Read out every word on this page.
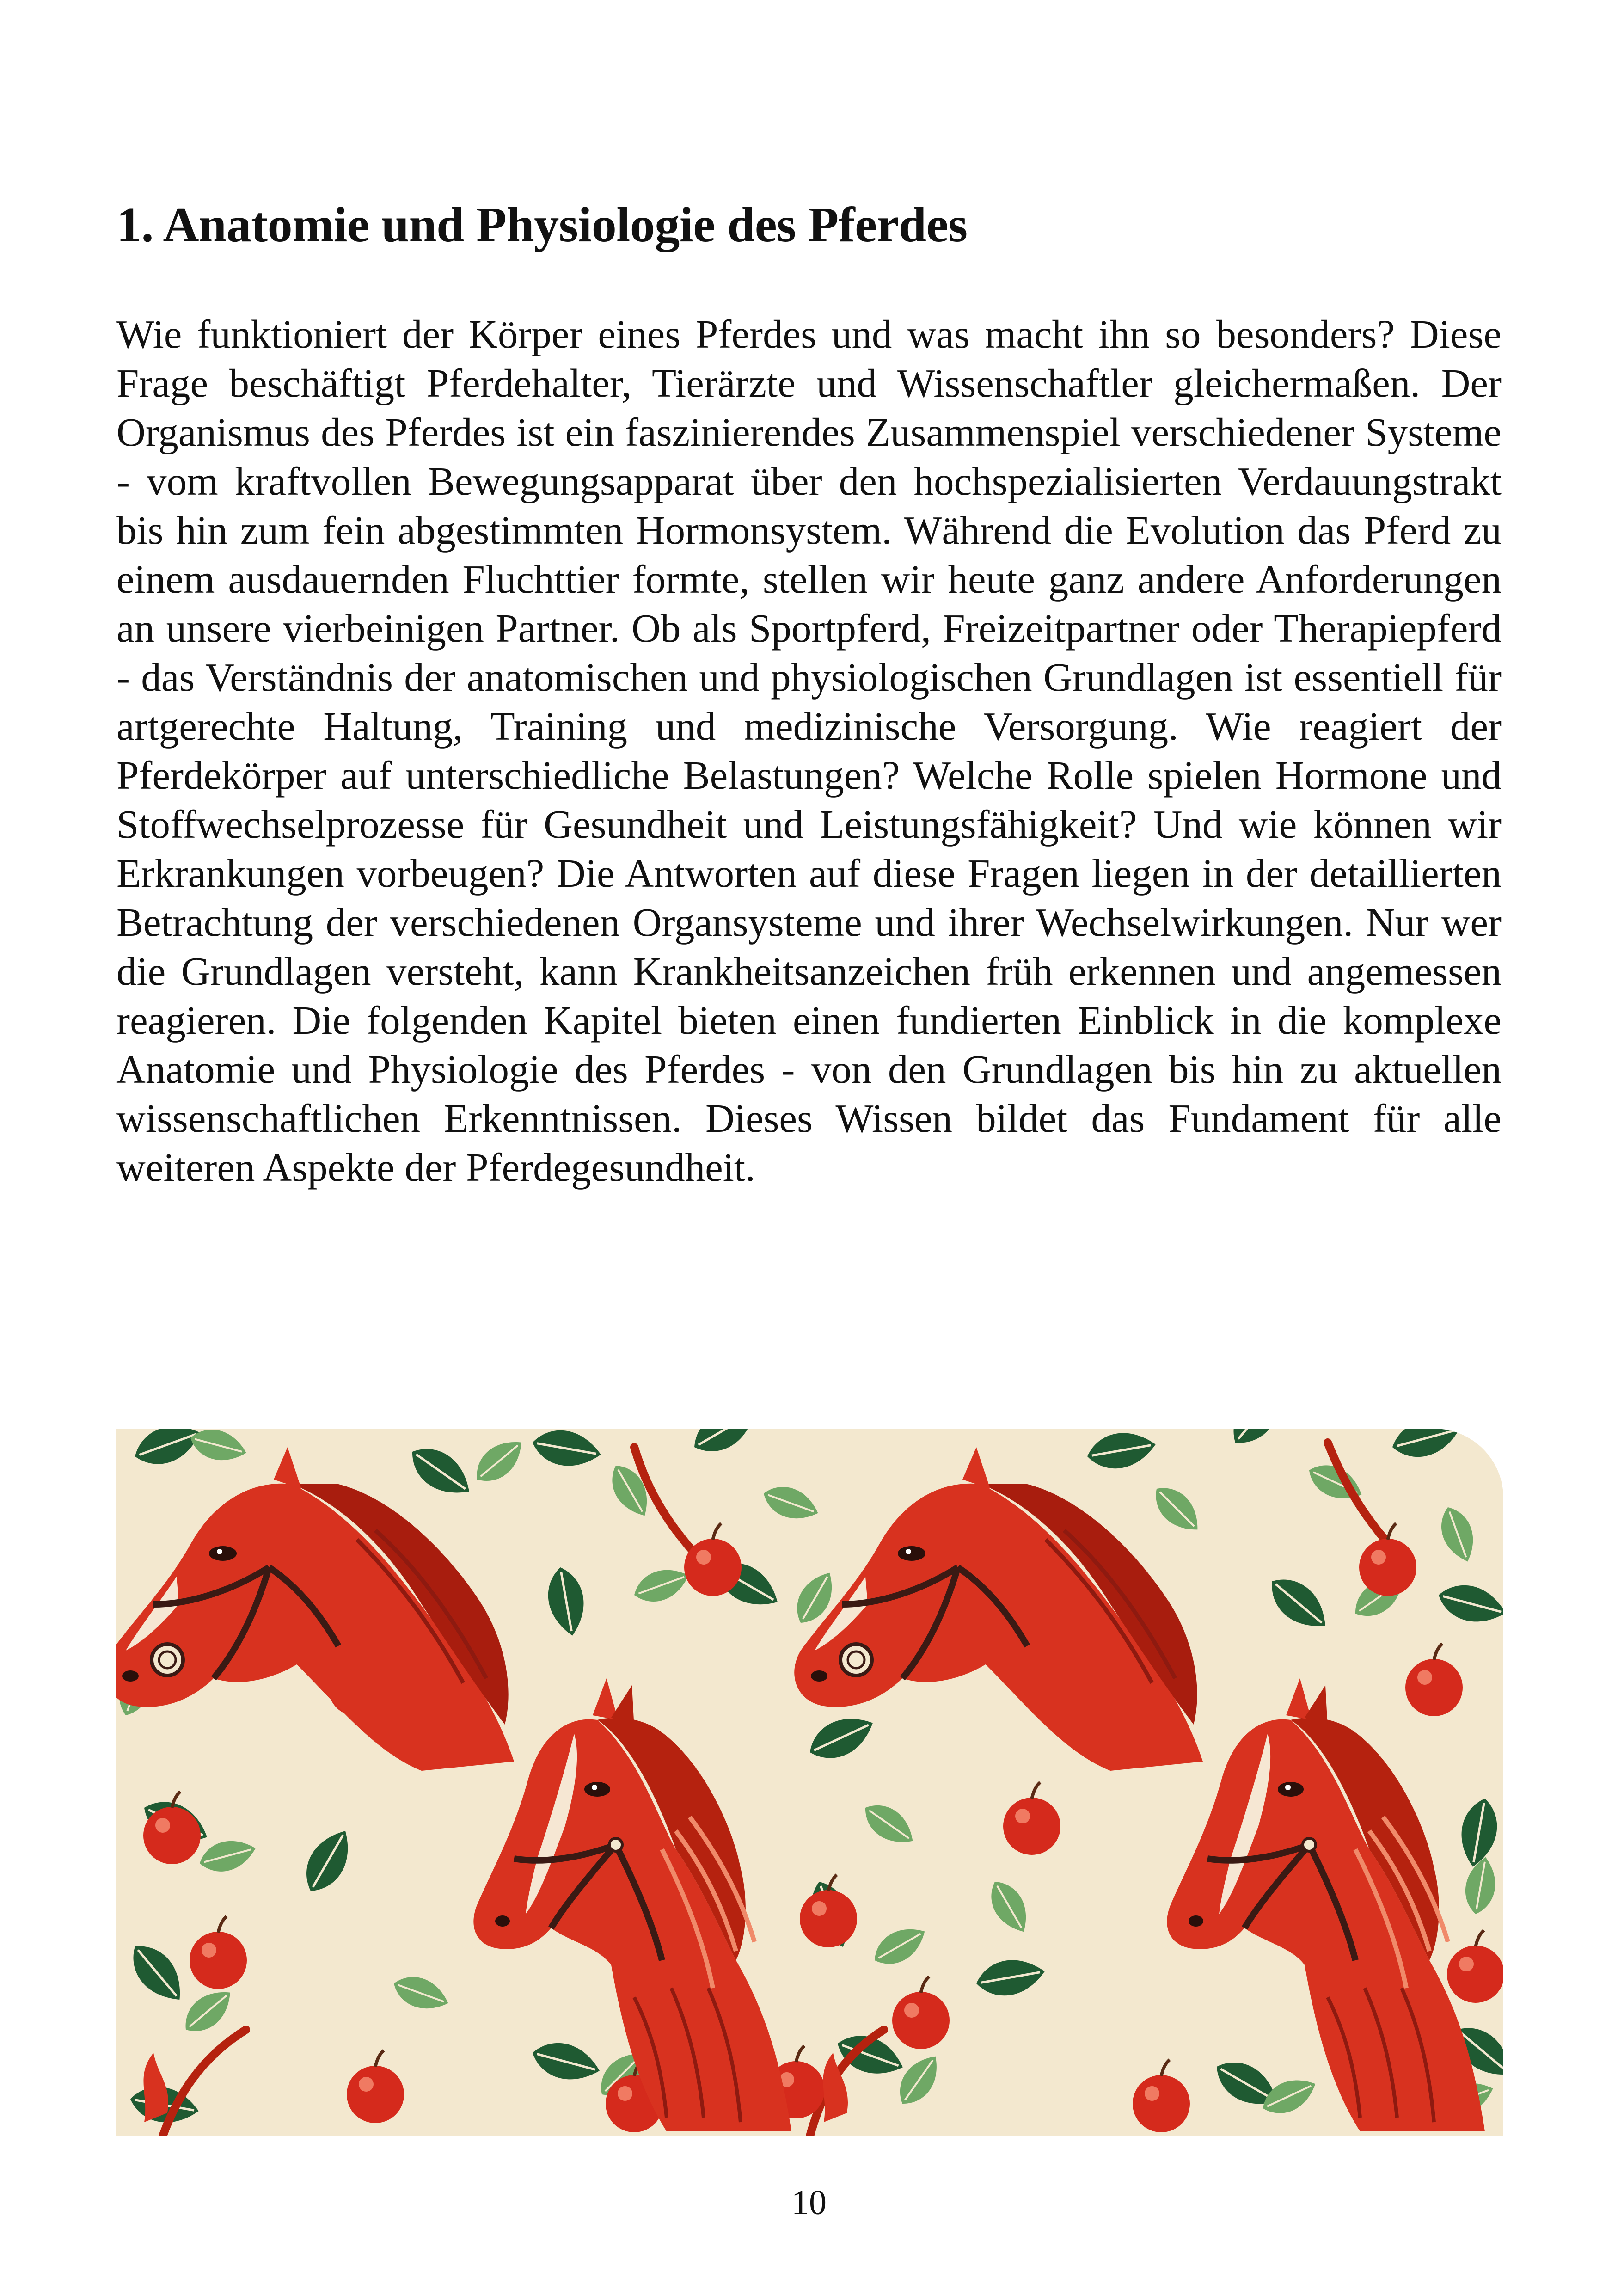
1. Anatomie und Physiologie des Pferdes

Wie funktioniert der Körper eines Pferdes und was macht ihn so besonders? Diese Frage beschäftigt Pferdehalter, Tierärzte und Wissenschaftler gleichermaßen. Der Organismus des Pferdes ist ein faszinierendes Zusammenspiel verschiedener Systeme - vom kraftvollen Bewegungsapparat über den hochspezialisierten Verdauungstrakt bis hin zum fein abgestimmten Hormonsystem. Während die Evolution das Pferd zu einem ausdauernden Fluchttier formte, stellen wir heute ganz andere Anforderungen an unsere vierbeinigen Partner. Ob als Sportpferd, Freizeitpartner oder Therapiepferd - das Verständnis der anatomischen und physiologischen Grundlagen ist essentiell für artgerechte Haltung, Training und medizinische Versorgung. Wie reagiert der Pferdekörper auf unterschiedliche Belastungen? Welche Rolle spielen Hormone und Stoffwechselprozesse für Gesundheit und Leistungsfähigkeit? Und wie können wir Erkrankungen vorbeugen? Die Antworten auf diese Fragen liegen in der detaillierten Betrachtung der verschiedenen Organsysteme und ihrer Wechselwirkungen. Nur wer die Grundlagen versteht, kann Krankheitsanzeichen früh erkennen und angemessen reagieren. Die folgenden Kapitel bieten einen fundierten Einblick in die komplexe Anatomie und Physiologie des Pferdes - von den Grundlagen bis hin zu aktuellen wissenschaftlichen Erkenntnissen. Dieses Wissen bildet das Fundament für alle weiteren Aspekte der Pferdegesundheit.

10
